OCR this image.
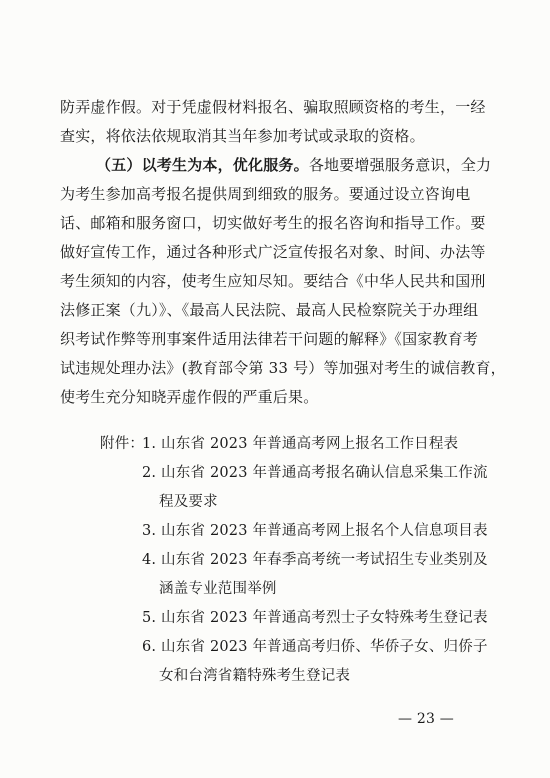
防弄虚作假。对于凭虚假材料报名、骗取照顾资格的考生，一经

查实，将依法依规取消其当年参加考试或录取的资格。

（五）以考生为本，优化服务。各地要增强服务意识，全力

为考生参加高考报名提供周到细致的服务。要通过设立咨询电

话、邮箱和服务窗口，切实做好考生的报名咨询和指导工作。要

做好宣传工作，通过各种形式广泛宣传报名对象、时间、办法等

考生须知的内容，使考生应知尽知。要结合《中华人民共和国刑

法修正案（九）》、《最高人民法院、最高人民检察院关于办理组

织考试作弊等刑事案件适用法律若干问题的解释》《国家教育考

试违规处理办法》(教育部令第 33 号）等加强对考生的诚信教育，

使考生充分知晓弄虚作假的严重后果。

附件：

1. 山东省 2023 年普通高考网上报名工作日程表

2. 山东省 2023 年普通高考报名确认信息采集工作流

程及要求

3. 山东省 2023 年普通高考网上报名个人信息项目表

4. 山东省 2023 年春季高考统一考试招生专业类别及

涵盖专业范围举例

5. 山东省 2023 年普通高考烈士子女特殊考生登记表

6. 山东省 2023 年普通高考归侨、华侨子女、归侨子

女和台湾省籍特殊考生登记表

— 23 —
